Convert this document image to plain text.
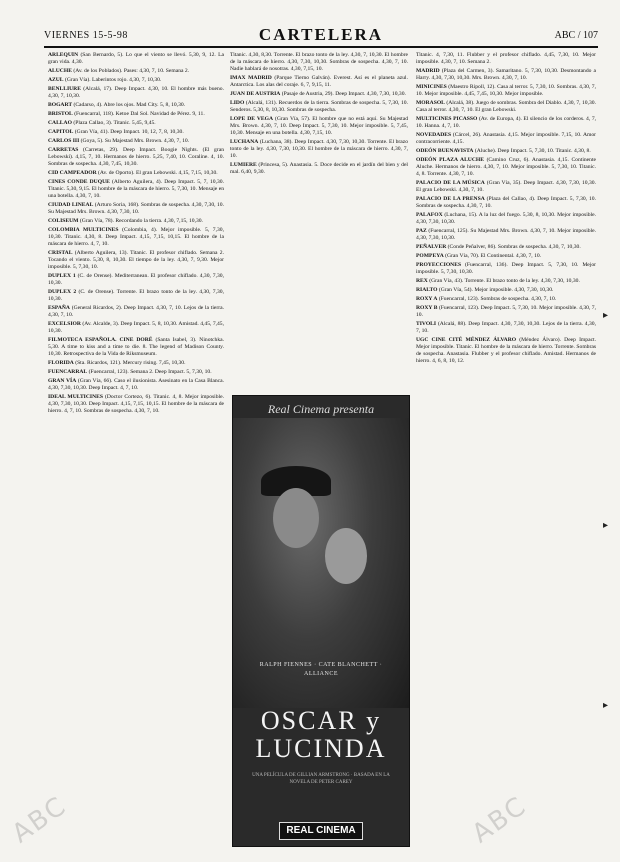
VIERNES 15-5-98	CARTELERA	ABC / 107

ARLEQUÍN (San Bernardo, 5). Lo que el viento se llevó. 5,30, 9, 12. La gran vida. 4,30.

ALUCHE (Av. de los Poblados). Pases: 4,30, 7, 10. Semana 2.

AZUL (Gran Vía). Laberintos rojo. 4,30, 7, 10,30.

BENLLIURE (Alcalá, 17). Deep Impact. 4,30, 10. El hombre más bueno. 4,30, 7, 10,30.

BOGART (Cadarso, 4). Abre los ojos. Mad City. 5, 8, 10,30.

BRISTOL (Fuencarral, 118). Ketoe Dal Sol. Navidad de Pérez. 9, 11.

CALLAO (Plaza Callao, 3). Titanic. 5,45, 9,45.

CAPITOL (Gran Vía, 41). Deep Impact. 10, 12, 7, 8, 10,30.

CARLOS III (Goya, 5). Su Majestad Mrs. Brown. 4,30, 7, 10.

CARRETAS (Carretas, 29). Deep Impact. Boogie Nights. (El gran Lebowski). 4,15, 7, 10. Hermanos de hierro. 5,25, 7,40, 10. Coraline. 4, 10. Sombras de sospecha. 4,30, 7,45, 10,30.

CID CAMPEADOR (Av. de Oporto). El gran Lebowski. 4,15, 7,15, 10,30.

CINES CONDE DUQUE (Alberto Aguilera, 4). Deep Impact. 5, 7, 10,30. Titanic. 5,30, 9,15. El hombre de la máscara de hierro. 5, 7,30, 10. Mensaje en una botella. 4,30, 7, 10.

CIUDAD LINEAL (Arturo Soria, 168). Sombras de sospecha. 4,30, 7,30, 10. Su Majestad Mrs. Brown. 4,30, 7,30, 10.

COLISEUM (Gran Vía, 78). Recordando la tierra. 4,30, 7,15, 10,30.

COLOMBIA MULTICINES (Colombia, 4). Mejor imposible. 5, 7,30, 10,30. Titanic. 4,30, 8. Deep Impact. 4,15, 7,15, 10,15. El hombre de la máscara de hierro. 4, 7, 10.

CRISTAL (Alberto Aguilera, 13). Titanic. El profesor chiflado. Semana 2. Tocando el viento. 5,30, 8, 10,30. El tiempo de la ley. 4,30, 7, 9,30. Mejor imposible. 5, 7,30, 10.

DUPLEX 1 (C. de Orense). Mediterranean. El profesor chiflado. 4,30, 7,30, 10,30.

DUPLEX 2 (C. de Orense). Torrente. El brazo tonto de la ley. 4,30, 7,30, 10,30.

ESPAÑA (General Ricardos, 2). Deep Impact. 4,30, 7, 10. Lejos de la tierra. 4,30, 7, 10.

EXCELSIOR (Av. Alcalde, 3). Deep Impact. 5, 8, 10,30. Amistad. 4,45, 7,45, 10,30.

FILMOTECA ESPAÑOLA. CINE DORÉ (Santa Isabel, 3). Ninotchka. 5,30. A time to kiss and a time to die. 8. The legend of Madison County. 10,30. Retrospectiva de la Vida de Riksmuseum.

FLORIDA (Sta. Ricardos, 121). Mercury rising. 7,45, 10,30.

FUENCARRAL (Fuencarral, 123). Semana 2. Deep Impact. 5, 7,30, 10.

GRAN VÍA (Gran Vía, 66). Caso el ilusionista. Asesinato en la Casa Blanca. 4,30, 7,30, 10,30. Deep Impact. 4, 7, 10.

IDEAL MULTICINES (Doctor Cortezo, 6). Titanic. 4, 8. Mejor imposible. 4,30, 7,30, 10,30. Deep Impact. 4,15, 7,15, 10,15. El hombre de la máscara de hierro. 4, 7, 10. Sombras de sospecha. 4,30, 7, 10.

Titanic. 4,30, 8,30. Torrente. El brazo tonto de la ley. 4,30, 7, 10,30. El hombre de la máscara de hierro. 4,30, 7,30, 10,30. Sombras de sospecha. 4,30, 7, 10. Nadie hablará de nosotras. 4,30, 7,15, 10.

IMAX MADRID (Parque Tierno Galván). Everest. Así es el planeta azul. Antarctica. Los alas del coraje. 6, 7, 9,15, 11.

JUAN DE AUSTRIA (Pasaje de Austria, 29). Deep Impact. 4,30, 7,30, 10,30.

LIDO (Alcalá, 131). Recuerdos de la tierra. Sombras de sospecha. 5, 7,30, 10. Senderos. 5,30, 8, 10,30. Sombras de sospecha.

LOPE DE VEGA (Gran Vía, 57). El hombre que no está aquí. Su Majestad Mrs. Brown. 4,30, 7, 10. Deep Impact. 5, 7,30, 10. Mejor imposible. 5, 7,45, 10,30. Mensaje en una botella. 4,30, 7,15, 10.

LUCHANA (Luchana, 38). Deep Impact. 4,30, 7,30, 10,30. Torrente. El brazo tonto de la ley. 4,30, 7,30, 10,30. El hombre de la máscara de hierro. 4,30, 7, 10.

LUMIERE (Princesa, 5). Anastasia. 5. Doce decide en el jardín del bien y del mal. 6,40, 9,30.

Titanic. 4, 7,30, 11. Flubber y el profesor chiflado. 4,45, 7,30, 10. Mejor imposible. 4,30, 7, 10. Semana 2.

MADRID (Plaza del Carmen, 3). Samaritano. 5, 7,30, 10,30. Desmontando a Harry. 4,30, 7,30, 10,30. Mrs. Brown. 4,30, 7, 10.

MINICINES (Maestro Ripoll, 12). Casa al terror. 5, 7,30, 10. Sombras. 4,30, 7, 10. Mejor imposible. 4,45, 7,45, 10,30. Mejor imposible.

MORASOL (Alcalá, 38). Juego de sombras. Sombra del Diablo. 4,30, 7, 10,30. Casa al terror. 4,30, 7, 10. El gran Lebowski.

MULTICINES PICASSO (Av. de Europa, 4). El silencio de los corderos. 4, 7, 10. Hanna. 4, 7, 10.

NOVEDADES (Cárcel, 26). Anastasia. 4,15. Mejor imposible. 7,15, 10. Amor contracorriente. 4,15.

ODEÓN BUENAVISTA (Aluche). Deep Impact. 5, 7,30, 10. Titanic. 4,30, 8.

ODEÓN PLAZA ALUCHE (Camino Cruz, 6). Anastasia. 4,15. Continente Aluche. Hermanos de hierro. 4,30, 7, 10. Mejor imposible. 5, 7,30, 10. Titanic. 4, 8. Torrente. 4,30, 7, 10.

PALACIO DE LA MÚSICA (Gran Vía, 35). Deep Impact. 4,30, 7,30, 10,30. El gran Lebowski. 4,30, 7, 10.

PALACIO DE LA PRENSA (Plaza del Callao, 4). Deep Impact. 5, 7,30, 10. Sombras de sospecha. 4,30, 7, 10.

PALAFOX (Luchana, 15). A la luz del fuego. 5,30, 8, 10,30. Mejor imposible. 4,30, 7,30, 10,30.

PAZ (Fuencarral, 125). Su Majestad Mrs. Brown. 4,30, 7, 10. Mejor imposible. 4,30, 7,30, 10,30.

PEÑALVER (Conde Peñalver, 86). Sombras de sospecha. 4,30, 7, 10,30.

POMPEYA (Gran Vía, 70). El Continental. 4,30, 7, 10.

PROYECCIONES (Fuencarral, 136). Deep Impact. 5, 7,30, 10. Mejor imposible. 5, 7,30, 10,30.

REX (Gran Vía, 43). Torrente. El brazo tonto de la ley. 4,30, 7,30, 10,30.

RIALTO (Gran Vía, 54). Mejor imposible. 4,30, 7,30, 10,30.

ROXY A (Fuencarral, 123). Sombras de sospecha. 4,30, 7, 10.

ROXY B (Fuencarral, 123). Deep Impact. 5, 7,30, 10. Mejor imposible. 4,30, 7, 10.

TIVOLI (Alcalá, 88). Deep Impact. 4,30, 7,30, 10,30. Lejos de la tierra. 4,30, 7, 10.

UGC CINE CITÉ MÉNDEZ ÁLVARO (Méndez Álvaro). Deep Impact. Mejor imposible. Titanic. El hombre de la máscara de hierro. Torrente. Sombras de sospecha. Anastasia. Flubber y el profesor chiflado. Amistad. Hermanos de hierro. 4, 6, 8, 10, 12.

Real Cinema presenta
RALPH FIENNES · CATE BLANCHETT · ALLIANCE
OSCAR y
LUCINDA
UNA PELÍCULA DE GILLIAN ARMSTRONG · BASADA EN LA NOVELA DE PETER CAREY
REAL CINEMA
ABC	ABC
▸
▸
▸
